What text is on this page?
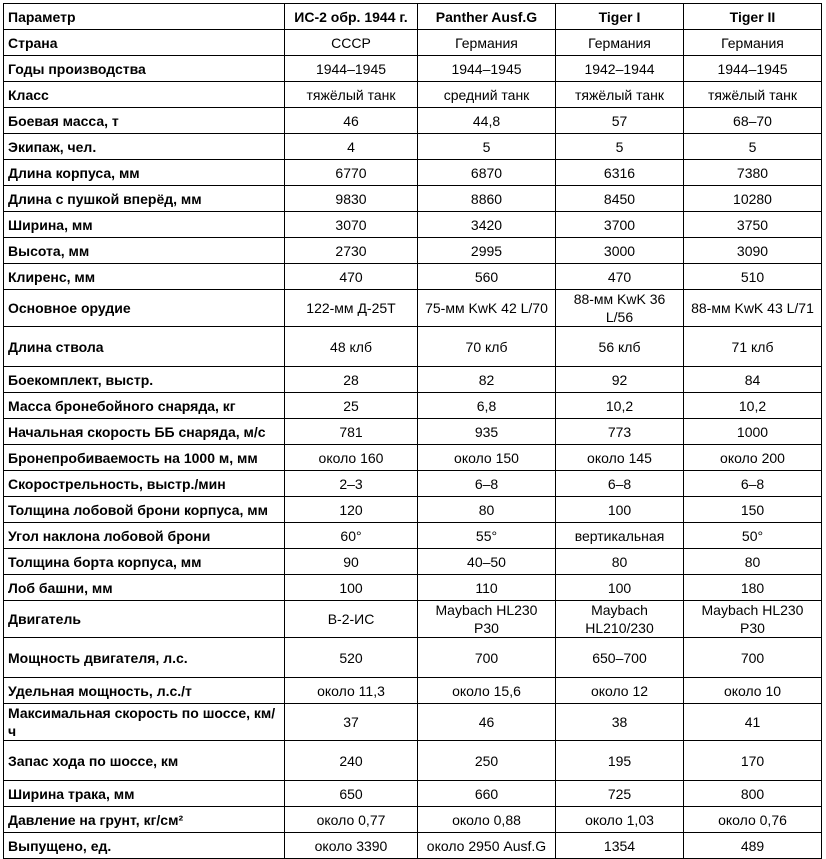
Параметр	ИС-2 обр. 1944 г.	Panther Ausf.G	Tiger I	Tiger II
Страна	СССР	Германия	Германия	Германия
Годы производства	1944–1945	1944–1945	1942–1944	1944–1945
Класс	тяжёлый танк	средний танк	тяжёлый танк	тяжёлый танк
Боевая масса, т	46	44,8	57	68–70
Экипаж, чел.	4	5	5	5
Длина корпуса, мм	6770	6870	6316	7380
Длина с пушкой вперёд, мм	9830	8860	8450	10280
Ширина, мм	3070	3420	3700	3750
Высота, мм	2730	2995	3000	3090
Клиренс, мм	470	560	470	510
Основное орудие	122-мм Д-25Т	75-мм KwK 42 L/70	88-мм KwK 36 L/56	88-мм KwK 43 L/71
Длина ствола	48 клб	70 клб	56 клб	71 клб
Боекомплект, выстр.	28	82	92	84
Масса бронебойного снаряда, кг	25	6,8	10,2	10,2
Начальная скорость ББ снаряда, м/с	781	935	773	1000
Бронепробиваемость на 1000 м, мм	около 160	около 150	около 145	около 200
Скорострельность, выстр./мин	2–3	6–8	6–8	6–8
Толщина лобовой брони корпуса, мм	120	80	100	150
Угол наклона лобовой брони	60°	55°	вертикальная	50°
Толщина борта корпуса, мм	90	40–50	80	80
Лоб башни, мм	100	110	100	180
Двигатель	В-2-ИС	Maybach HL230 P30	Maybach HL210/230	Maybach HL230 P30
Мощность двигателя, л.с.	520	700	650–700	700
Удельная мощность, л.с./т	около 11,3	около 15,6	около 12	около 10
Максимальная скорость по шоссе, км/ч	37	46	38	41
Запас хода по шоссе, км	240	250	195	170
Ширина трака, мм	650	660	725	800
Давление на грунт, кг/см²	около 0,77	около 0,88	около 1,03	около 0,76
Выпущено, ед.	около 3390	около 2950 Ausf.G	1354	489
